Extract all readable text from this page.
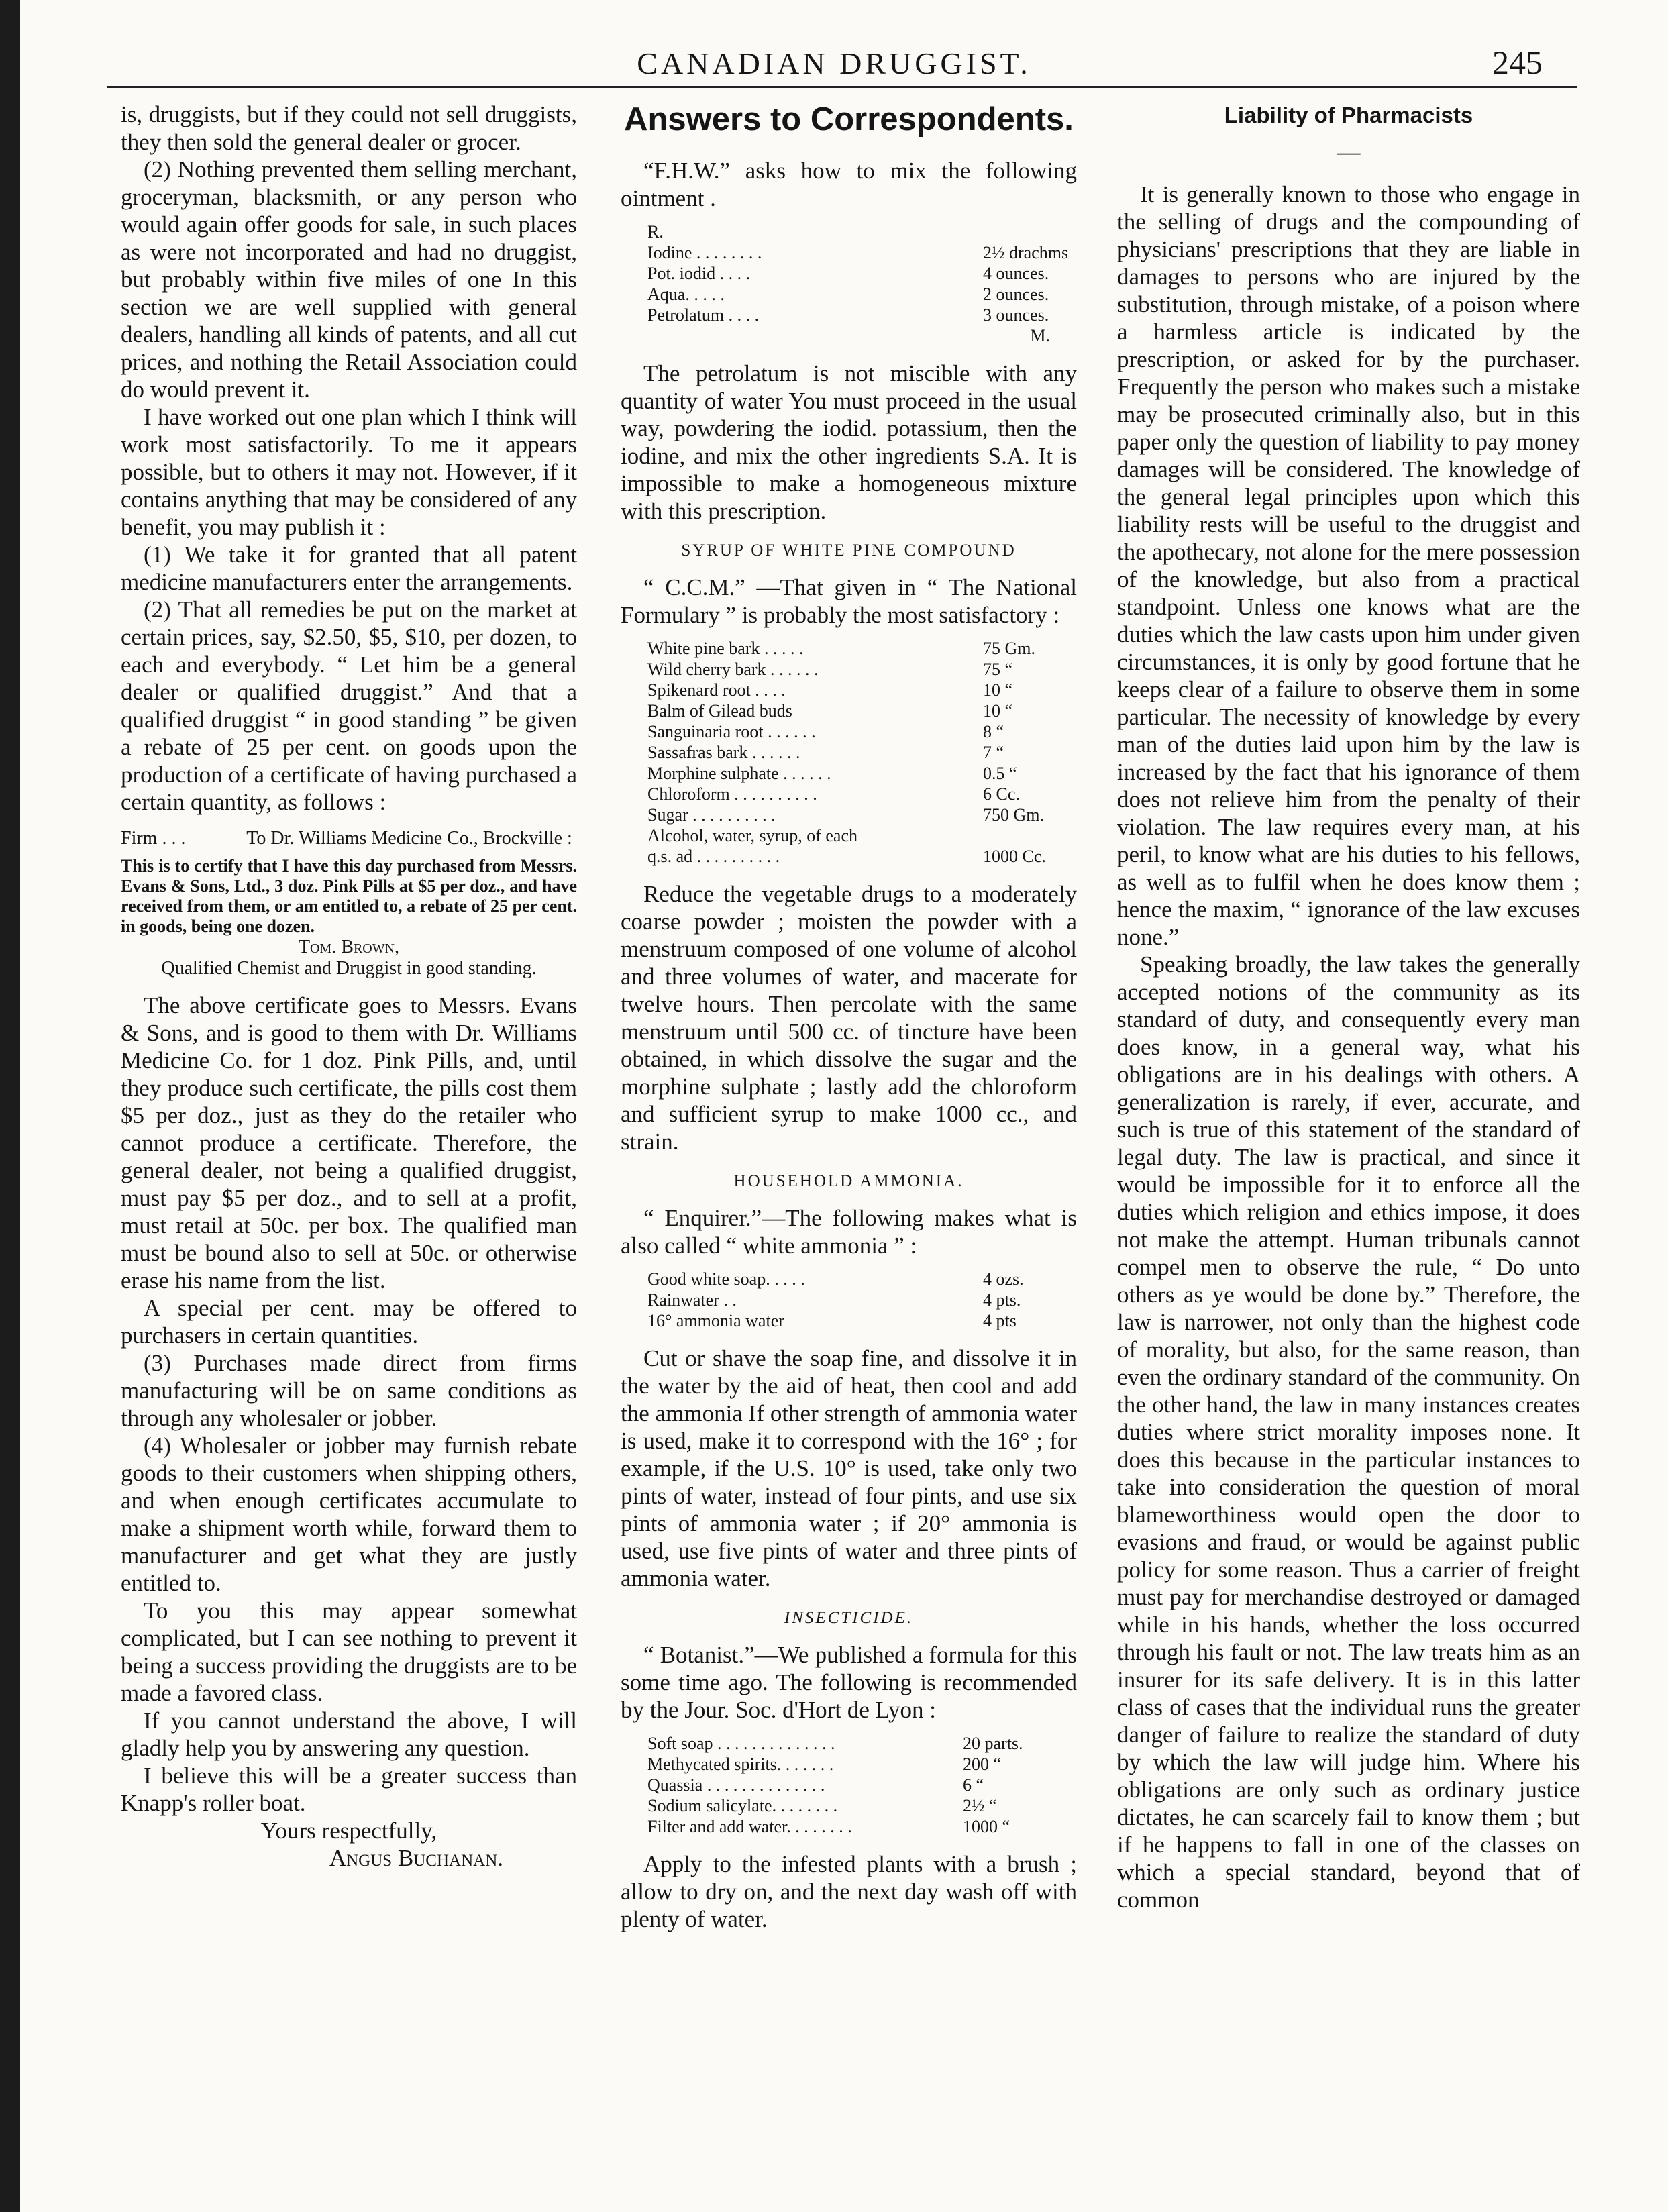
CANADIAN DRUGGIST.	245

is, druggists, but if they could not sell druggists, they then sold the general dealer or grocer.

(2) Nothing prevented them selling merchant, groceryman, blacksmith, or any person who would again offer goods for sale, in such places as were not incorporated and had no druggist, but probably within five miles of one In this section we are well supplied with general dealers, handling all kinds of patents, and all cut prices, and nothing the Retail Association could do would prevent it.

I have worked out one plan which I think will work most satisfactorily. To me it appears possible, but to others it may not. However, if it contains anything that may be considered of any benefit, you may publish it :

(1) We take it for granted that all patent medicine manufacturers enter the arrangements.

(2) That all remedies be put on the market at certain prices, say, $2.50, $5, $10, per dozen, to each and everybody. “ Let him be a general dealer or qualified druggist.” And that a qualified druggist “ in good standing ” be given a rebate of 25 per cent. on goods upon the production of a certificate of having purchased a certain quantity, as follows :

Firm . . .	To Dr. Williams Medicine Co., Brockville :

This is to certify that I have this day purchased from Messrs. Evans & Sons, Ltd., 3 doz. Pink Pills at $5 per doz., and have received from them, or am entitled to, a rebate of 25 per cent. in goods, being one dozen.

Tom. Brown,

Qualified Chemist and Druggist in good standing.

The above certificate goes to Messrs. Evans & Sons, and is good to them with Dr. Williams Medicine Co. for 1 doz. Pink Pills, and, until they produce such certificate, the pills cost them $5 per doz., just as they do the retailer who cannot produce a certificate. Therefore, the general dealer, not being a qualified druggist, must pay $5 per doz., and to sell at a profit, must retail at 50c. per box. The qualified man must be bound also to sell at 50c. or otherwise erase his name from the list.

A special per cent. may be offered to purchasers in certain quantities.

(3) Purchases made direct from firms manufacturing will be on same conditions as through any wholesaler or jobber.

(4) Wholesaler or jobber may furnish rebate goods to their customers when shipping others, and when enough certificates accumulate to make a shipment worth while, forward them to manufacturer and get what they are justly entitled to.

To you this may appear somewhat complicated, but I can see nothing to prevent it being a success providing the druggists are to be made a favored class.

If you cannot understand the above, I will gladly help you by answering any question.

I believe this will be a greater success than Knapp's roller boat.

Yours respectfully,

Angus Buchanan.

Answers to Correspondents.

“F.H.W.” asks how to mix the following ointment .

R.
Iodine . . . . . . . .	2½ drachms
Pot. iodid . . . .	4 ounces.
Aqua. . . . .	2 ounces.
Petrolatum . . . .	3 ounces.
M.

The petrolatum is not miscible with any quantity of water You must proceed in the usual way, powdering the iodid. potassium, then the iodine, and mix the other ingredients S.A. It is impossible to make a homogeneous mixture with this prescription.

SYRUP OF WHITE PINE COMPOUND

“ C.C.M.” —That given in “ The National Formulary ” is probably the most satisfactory :

White pine bark . . . . .	75 Gm.
Wild cherry bark . . . . . .	75 “
Spikenard root . . . .	10 “
Balm of Gilead buds	10 “
Sanguinaria root . . . . . .	8 “
Sassafras bark . . . . . .	7 “
Morphine sulphate . . . . . .	0.5 “
Chloroform . . . . . . . . . .	6 Cc.
Sugar . . . . . . . . . .	750 Gm.
Alcohol, water, syrup, of each
q.s. ad . . . . . . . . . .	1000 Cc.

Reduce the vegetable drugs to a moderately coarse powder ; moisten the powder with a menstruum composed of one volume of alcohol and three volumes of water, and macerate for twelve hours. Then percolate with the same menstruum until 500 cc. of tincture have been obtained, in which dissolve the sugar and the morphine sulphate ; lastly add the chloroform and sufficient syrup to make 1000 cc., and strain.

HOUSEHOLD AMMONIA.

“ Enquirer.”—The following makes what is also called “ white ammonia ” :

Good white soap. . . . .	4 ozs.
Rainwater . .	4 pts.
16° ammonia water	4 pts

Cut or shave the soap fine, and dissolve it in the water by the aid of heat, then cool and add the ammonia If other strength of ammonia water is used, make it to correspond with the 16° ; for example, if the U.S. 10° is used, take only two pints of water, instead of four pints, and use six pints of ammonia water ; if 20° ammonia is used, use five pints of water and three pints of ammonia water.

INSECTICIDE.

“ Botanist.”—We published a formula for this some time ago. The following is recommended by the Jour. Soc. d'Hort de Lyon :

Soft soap . . . . . . . . . . . . . .	20 parts.
Methycated spirits. . . . . . .	200 “
Quassia . . . . . . . . . . . . . .	6 “
Sodium salicylate. . . . . . . .	2½ “
Filter and add water. . . . . . . .	1000 “

Apply to the infested plants with a brush ; allow to dry on, and the next day wash off with plenty of water.

Liability of Pharmacists
—

It is generally known to those who engage in the selling of drugs and the compounding of physicians' prescriptions that they are liable in damages to persons who are injured by the substitution, through mistake, of a poison where a harmless article is indicated by the prescription, or asked for by the purchaser. Frequently the person who makes such a mistake may be prosecuted criminally also, but in this paper only the question of liability to pay money damages will be considered. The knowledge of the general legal principles upon which this liability rests will be useful to the druggist and the apothecary, not alone for the mere possession of the knowledge, but also from a practical standpoint. Unless one knows what are the duties which the law casts upon him under given circumstances, it is only by good fortune that he keeps clear of a failure to observe them in some particular. The necessity of knowledge by every man of the duties laid upon him by the law is increased by the fact that his ignorance of them does not relieve him from the penalty of their violation. The law requires every man, at his peril, to know what are his duties to his fellows, as well as to fulfil when he does know them ; hence the maxim, “ ignorance of the law excuses none.”

Speaking broadly, the law takes the generally accepted notions of the community as its standard of duty, and consequently every man does know, in a general way, what his obligations are in his dealings with others. A generalization is rarely, if ever, accurate, and such is true of this statement of the standard of legal duty. The law is practical, and since it would be impossible for it to enforce all the duties which religion and ethics impose, it does not make the attempt. Human tribunals cannot compel men to observe the rule, “ Do unto others as ye would be done by.” Therefore, the law is narrower, not only than the highest code of morality, but also, for the same reason, than even the ordinary standard of the community. On the other hand, the law in many instances creates duties where strict morality imposes none. It does this because in the particular instances to take into consideration the question of moral blameworthiness would open the door to evasions and fraud, or would be against public policy for some reason. Thus a carrier of freight must pay for merchandise destroyed or damaged while in his hands, whether the loss occurred through his fault or not. The law treats him as an insurer for its safe delivery. It is in this latter class of cases that the individual runs the greater danger of failure to realize the standard of duty by which the law will judge him. Where his obligations are only such as ordinary justice dictates, he can scarcely fail to know them ; but if he happens to fall in one of the classes on which a special standard, beyond that of common
